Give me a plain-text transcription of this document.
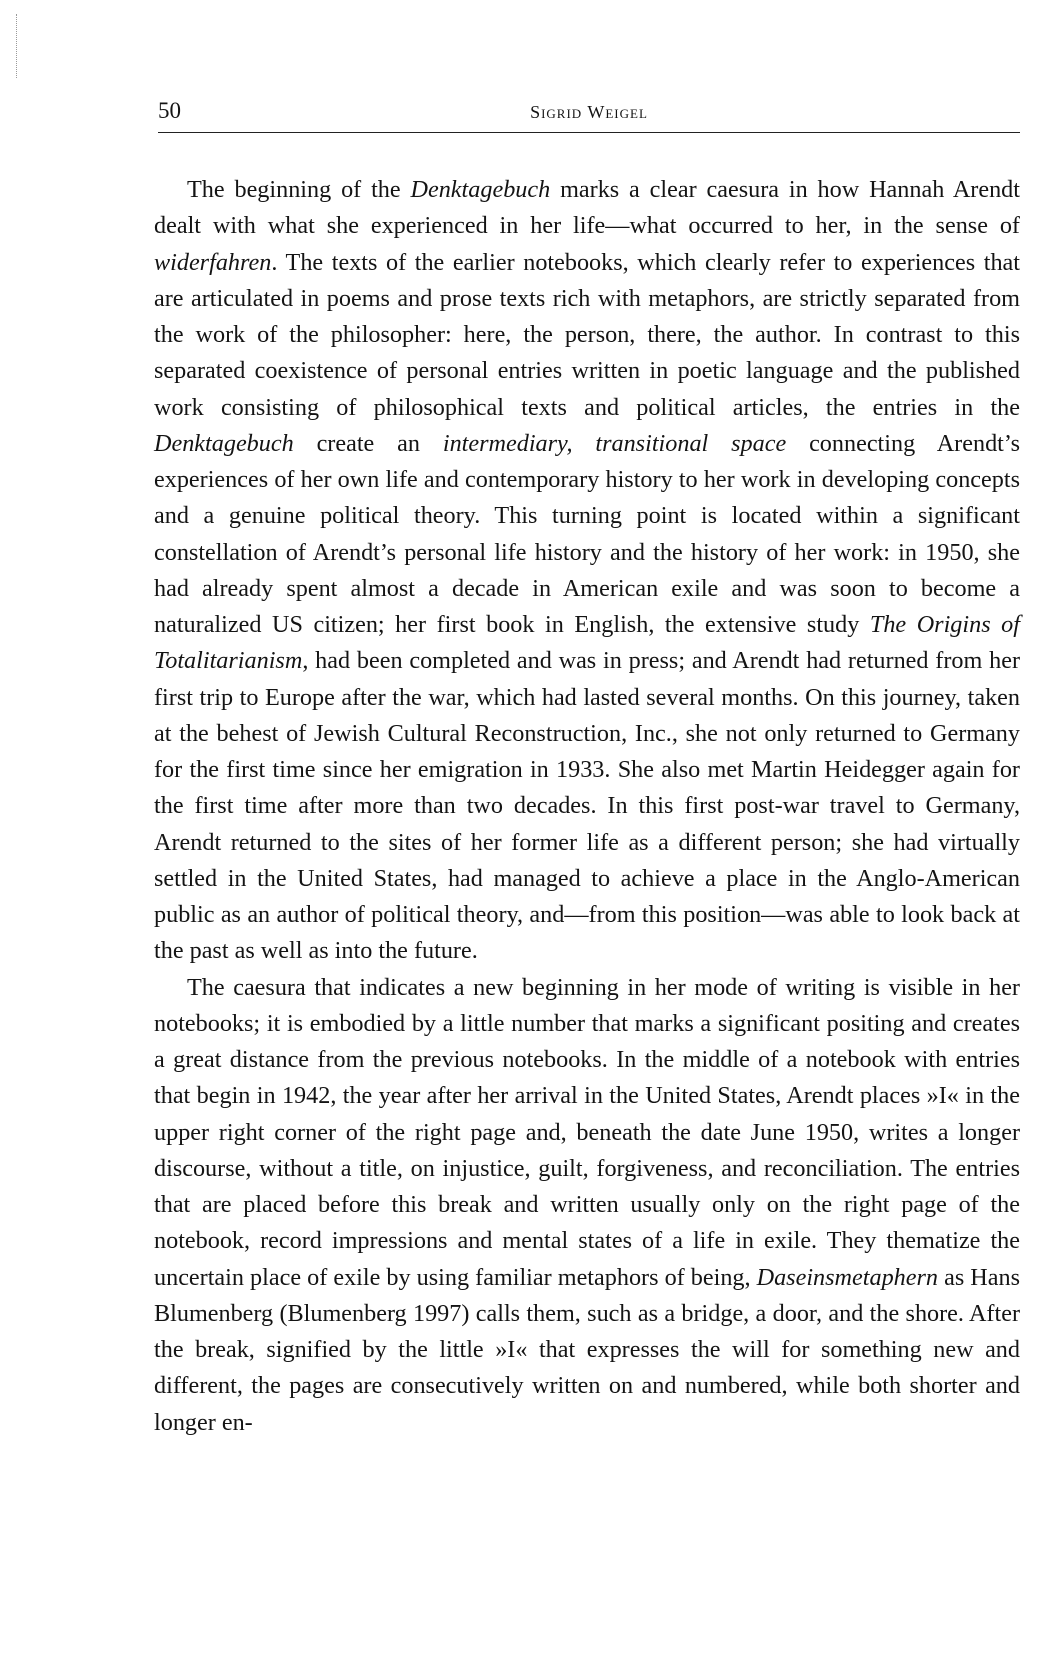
50	Sigrid Weigel

The beginning of the Denktagebuch marks a clear caesura in how Hannah Arendt dealt with what she experienced in her life—what occurred to her, in the sense of widerfahren. The texts of the earlier notebooks, which clearly refer to experiences that are articulated in poems and prose texts rich with metaphors, are strictly separated from the work of the philosopher: here, the person, there, the author. In contrast to this separated coexistence of personal entries written in poetic language and the published work consisting of philosophical texts and political articles, the entries in the Denktagebuch create an intermediary, transitional space connecting Arendt’s experiences of her own life and contemporary history to her work in developing concepts and a genuine political theory. This turning point is located within a significant constellation of Arendt’s personal life history and the history of her work: in 1950, she had already spent almost a decade in American exile and was soon to become a naturalized US citizen; her first book in English, the extensive study The Origins of Totalitarianism, had been completed and was in press; and Arendt had returned from her first trip to Europe after the war, which had lasted several months. On this journey, taken at the behest of Jewish Cultural Reconstruction, Inc., she not only returned to Germany for the first time since her emigration in 1933. She also met Martin Heidegger again for the first time after more than two decades. In this first post-war travel to Germany, Arendt returned to the sites of her former life as a different person; she had virtually settled in the United States, had managed to achieve a place in the Anglo-American public as an author of political theory, and—from this position—was able to look back at the past as well as into the future.

The caesura that indicates a new beginning in her mode of writing is visible in her notebooks; it is embodied by a little number that marks a significant positing and creates a great distance from the previous notebooks. In the middle of a notebook with entries that begin in 1942, the year after her arrival in the United States, Arendt places »I« in the upper right corner of the right page and, beneath the date June 1950, writes a longer discourse, without a title, on injustice, guilt, forgiveness, and reconciliation. The entries that are placed before this break and written usually only on the right page of the notebook, record impressions and mental states of a life in exile. They thematize the uncertain place of exile by using familiar metaphors of being, Daseinsmetaphern as Hans Blumenberg (Blumenberg 1997) calls them, such as a bridge, a door, and the shore. After the break, signified by the little »I« that expresses the will for something new and different, the pages are consecutively written on and numbered, while both shorter and longer en-
